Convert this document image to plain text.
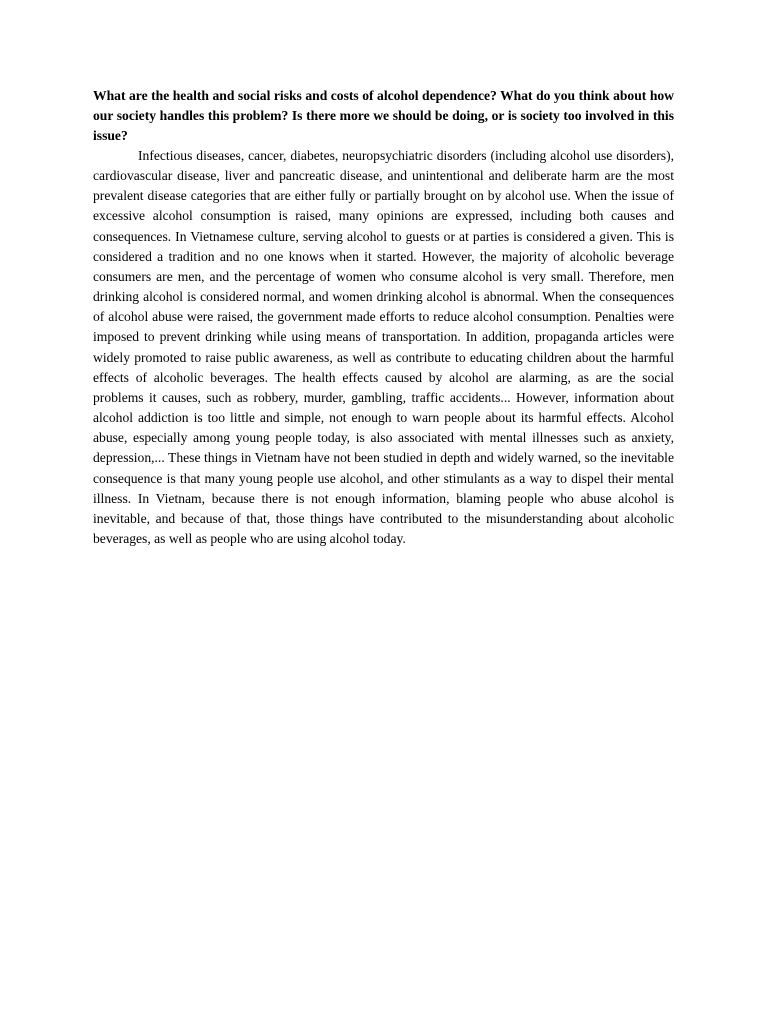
What are the health and social risks and costs of alcohol dependence? What do you think about how our society handles this problem? Is there more we should be doing, or is society too involved in this issue?

Infectious diseases, cancer, diabetes, neuropsychiatric disorders (including alcohol use disorders), cardiovascular disease, liver and pancreatic disease, and unintentional and deliberate harm are the most prevalent disease categories that are either fully or partially brought on by alcohol use. When the issue of excessive alcohol consumption is raised, many opinions are expressed, including both causes and consequences. In Vietnamese culture, serving alcohol to guests or at parties is considered a given. This is considered a tradition and no one knows when it started. However, the majority of alcoholic beverage consumers are men, and the percentage of women who consume alcohol is very small. Therefore, men drinking alcohol is considered normal, and women drinking alcohol is abnormal. When the consequences of alcohol abuse were raised, the government made efforts to reduce alcohol consumption. Penalties were imposed to prevent drinking while using means of transportation. In addition, propaganda articles were widely promoted to raise public awareness, as well as contribute to educating children about the harmful effects of alcoholic beverages. The health effects caused by alcohol are alarming, as are the social problems it causes, such as robbery, murder, gambling, traffic accidents... However, information about alcohol addiction is too little and simple, not enough to warn people about its harmful effects. Alcohol abuse, especially among young people today, is also associated with mental illnesses such as anxiety, depression,... These things in Vietnam have not been studied in depth and widely warned, so the inevitable consequence is that many young people use alcohol, and other stimulants as a way to dispel their mental illness. In Vietnam, because there is not enough information, blaming people who abuse alcohol is inevitable, and because of that, those things have contributed to the misunderstanding about alcoholic beverages, as well as people who are using alcohol today.
